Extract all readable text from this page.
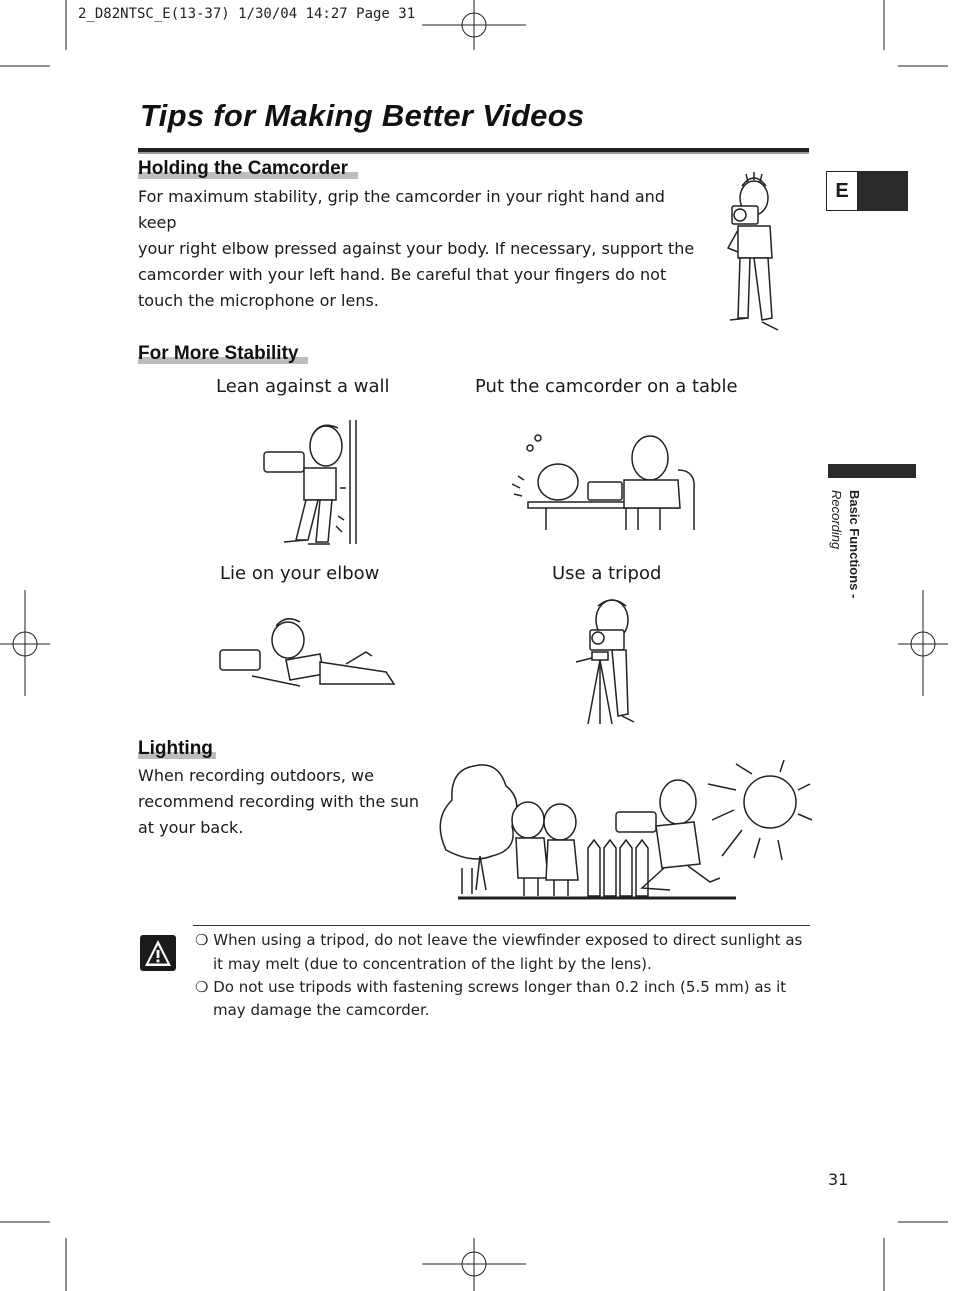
2_D82NTSC_E(13-37) 1/30/04 14:27 Page 31
Tips for Making Better Videos
E
Basic Functions -
Recording
Holding the Camcorder
For maximum stability, grip the camcorder in your right hand and keep
your right elbow pressed against your body. If necessary, support the
camcorder with your left hand. Be careful that your fingers do not
touch the microphone or lens.
For More Stability
Lean against a wall	Put the camcorder on a table
Lie on your elbow	Use a tripod
Lighting
When recording outdoors, we
recommend recording with the sun
at your back.
❍ When using a tripod, do not leave the viewfinder exposed to direct sunlight as
it may melt (due to concentration of the light by the lens).
❍ Do not use tripods with fastening screws longer than 0.2 inch (5.5 mm) as it
may damage the camcorder.
31
